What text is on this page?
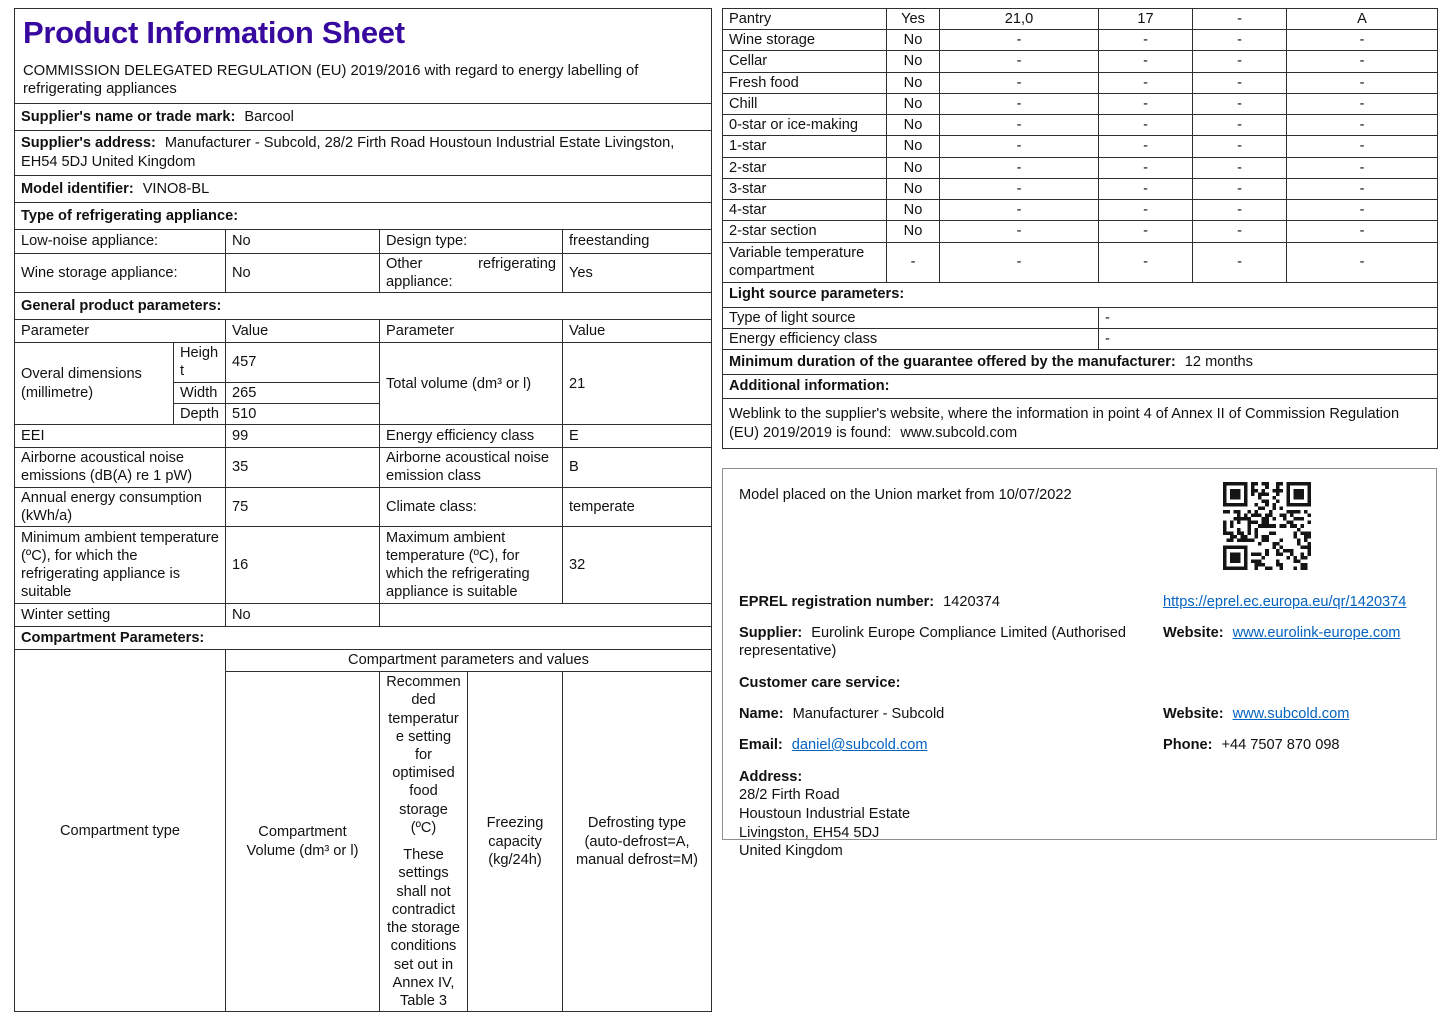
Product Information Sheet
COMMISSION DELEGATED REGULATION (EU) 2019/2016 with regard to energy labelling of refrigerating appliances

Supplier's name or trade mark: Barcool					
Supplier's address: Manufacturer - Subcold, 28/2 Firth Road Houstoun Industrial Estate Livingston, EH54 5DJ United Kingdom					
Model identifier: VINO8-BL					
Type of refrigerating appliance:					
Low-noise appliance:		No	Design type:		freestanding
Wine storage appliance:		No	Other refrigerating appliance:		Yes
General product parameters:					
Parameter		Value	Parameter		Value
Overal dimensions (millimetre)	Height	457	Total volume (dm³ or l)		21
	Width	265			
	Depth	510			
EEI		99	Energy efficiency class		E
Airborne acoustical noise emissions (dB(A) re 1 pW)		35	Airborne acoustical noise emission class		B
Annual energy consumption (kWh/a)		75	Climate class:		temperate
Minimum ambient temperature (ºC), for which the refrigerating appliance is suitable		16	Maximum ambient temperature (ºC), for which the refrigerating appliance is suitable		32
Winter setting		No			
Compartment Parameters:					
Compartment type		Compartment parameters and values			
		Compartment Volume (dm³ or l)	Recommended temperature setting for optimised food storage (ºC)

These settings shall not contradict the storage conditions set out in Annex IV, Table 3	Freezing capacity (kg/24h)	Defrosting type (auto-defrost=A, manual defrost=M)
Pantry	Yes	21,0	17	-	A
Wine storage	No	-	-	-	-
Cellar	No	-	-	-	-
Fresh food	No	-	-	-	-
Chill	No	-	-	-	-
0-star or ice-making	No	-	-	-	-
1-star	No	-	-	-	-
2-star	No	-	-	-	-
3-star	No	-	-	-	-
4-star	No	-	-	-	-
2-star section	No	-	-	-	-
Variable temperature compartment	-	-	-	-	-
Light source parameters:					
Type of light source			-		
Energy efficiency class			-		
Minimum duration of the guarantee offered by the manufacturer: 12 months					
Additional information:					
Weblink to the supplier's website, where the information in point 4 of Annex II of Commission Regulation (EU) 2019/2019 is found: www.subcold.com					
Model placed on the Union market from 10/07/2022
EPREL registration number: 1420374	https://eprel.ec.europa.eu/qr/1420374
Supplier: Eurolink Europe Compliance Limited (Authorised representative)
Website: www.eurolink-europe.com
Customer care service:
Name: Manufacturer - Subcold	Website: www.subcold.com
Email: daniel@subcold.com	Phone: +44 7507 870 098
Address:
28/2 Firth Road
Houstoun Industrial Estate
Livingston, EH54 5DJ
United Kingdom
